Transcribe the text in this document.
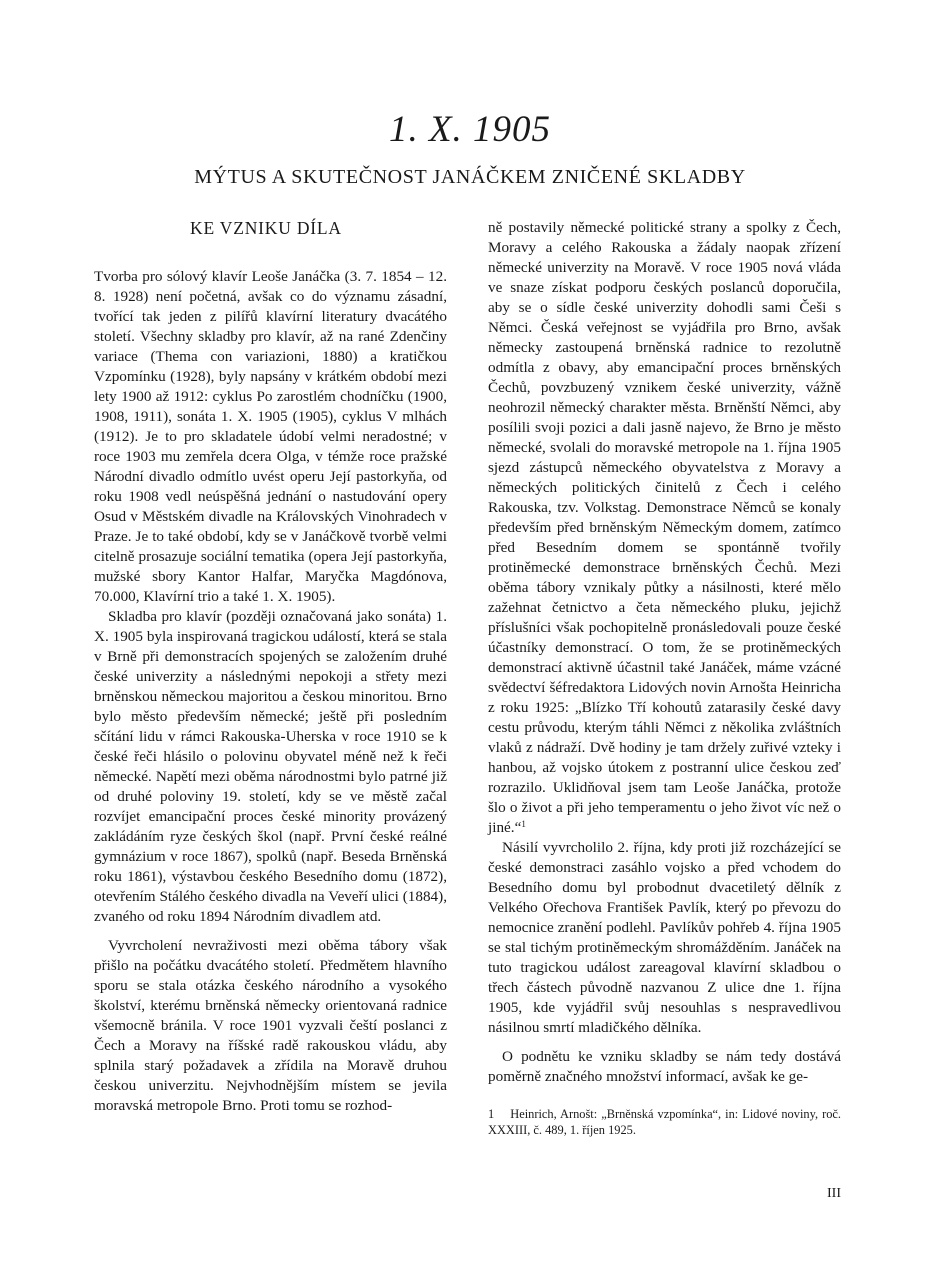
1. X. 1905
MÝTUS A SKUTEČNOST JANÁČKEM ZNIČENÉ SKLADBY
KE VZNIKU DÍLA

Tvorba pro sólový klavír Leoše Janáčka (3. 7. 1854 – 12. 8. 1928) není početná, avšak co do významu zásadní, tvořící tak jeden z pilířů klavírní literatury dvacátého století. Všechny skladby pro klavír, až na rané Zdenčiny variace (Thema con variazioni, 1880) a kratičkou Vzpomínku (1928), byly napsány v krátkém období mezi lety 1900 až 1912: cyklus Po zarostlém chodníčku (1900, 1908, 1911), sonáta 1. X. 1905 (1905), cyklus V mlhách (1912). Je to pro skladatele údobí velmi neradostné; v roce 1903 mu zemřela dcera Olga, v témže roce pražské Národní divadlo odmítlo uvést operu Její pastorkyňa, od roku 1908 vedl neúspěšná jednání o nastudování opery Osud v Městském divadle na Královských Vinohradech v Praze. Je to také období, kdy se v Janáčkově tvorbě velmi citelně prosazuje sociální tematika (opera Její pastorkyňa, mužské sbory Kantor Halfar, Maryčka Magdónova, 70.000, Klavírní trio a také 1. X. 1905).

Skladba pro klavír (později označovaná jako sonáta) 1. X. 1905 byla inspirovaná tragickou událostí, která se stala v Brně při demonstracích spojených se založením druhé české univerzity a následnými nepokoji a střety mezi brněnskou německou majoritou a českou minoritou. Brno bylo město především německé; ještě při posledním sčítání lidu v rámci Rakouska-Uherska v roce 1910 se k české řeči hlásilo o polovinu obyvatel méně než k řeči německé. Napětí mezi oběma národnostmi bylo patrné již od druhé poloviny 19. století, kdy se ve městě začal rozvíjet emancipační proces české minority provázený zakládáním ryze českých škol (např. První české reálné gymnázium v roce 1867), spolků (např. Beseda Brněnská roku 1861), výstavbou českého Besedního domu (1872), otevřením Stálého českého divadla na Veveří ulici (1884), zvaného od roku 1894 Národním divadlem atd.

Vyvrcholení nevraživosti mezi oběma tábory však přišlo na počátku dvacátého století. Předmětem hlavního sporu se stala otázka českého národního a vysokého školství, kterému brněnská německy orientovaná radnice všemocně bránila. V roce 1901 vyzvali čeští poslanci z Čech a Moravy na říšské radě rakouskou vládu, aby splnila starý požadavek a zřídila na Moravě druhou českou univerzitu. Nejvhodnějším místem se jevila moravská metropole Brno. Proti tomu se rozhod-

ně postavily německé politické strany a spolky z Čech, Moravy a celého Rakouska a žádaly naopak zřízení německé univerzity na Moravě. V roce 1905 nová vláda ve snaze získat podporu českých poslanců doporučila, aby se o sídle české univerzity dohodli sami Češi s Němci. Česká veřejnost se vyjádřila pro Brno, avšak německy zastoupená brněnská radnice to rezolutně odmítla z obavy, aby emancipační proces brněnských Čechů, povzbuzený vznikem české univerzity, vážně neohrozil německý charakter města. Brněnští Němci, aby posílili svoji pozici a dali jasně najevo, že Brno je město německé, svolali do moravské metropole na 1. října 1905 sjezd zástupců německého obyvatelstva z Moravy a německých politických činitelů z Čech i celého Rakouska, tzv. Volkstag. Demonstrace Němců se konaly především před brněnským Německým domem, zatímco před Besedním domem se spontánně tvořily protiněmecké demonstrace brněnských Čechů. Mezi oběma tábory vznikaly půtky a násilnosti, které mělo zažehnat četnictvo a četa německého pluku, jejichž příslušníci však pochopitelně pronásledovali pouze české účastníky demonstrací. O tom, že se protiněmeckých demonstrací aktivně účastnil také Janáček, máme vzácné svědectví šéfredaktora Lidových novin Arnošta Heinricha z roku 1925: „Blízko Tří kohoutů zatarasily české davy cestu průvodu, kterým táhli Němci z několika zvláštních vlaků z nádraží. Dvě hodiny je tam držely zuřivé vzteky i hanbou, až vojsko útokem z postranní ulice českou zeď rozrazilo. Uklidňoval jsem tam Leoše Janáčka, protože šlo o život a při jeho temperamentu o jeho život víc než o jiné.“$^1$

Násilí vyvrcholilo 2. října, kdy proti již rozcházející se české demonstraci zasáhlo vojsko a před vchodem do Besedního domu byl probodnut dvacetiletý dělník z Velkého Ořechova František Pavlík, který po převozu do nemocnice zranění podlehl. Pavlíkův pohřeb 4. října 1905 se stal tichým protiněmeckým shromážděním. Janáček na tuto tragickou událost zareagoval klavírní skladbou o třech částech původně nazvanou Z ulice dne 1. října 1905, kde vyjádřil svůj nesouhlas s nespravedlivou násilnou smrtí mladičkého dělníka.

O podnětu ke vzniku skladby se nám tedy dostává poměrně značného množství informací, avšak ke ge-

1 Heinrich, Arnošt: „Brněnská vzpomínka“, in: Lidové noviny, roč. XXXIII, č. 489, 1. říjen 1925.
III
